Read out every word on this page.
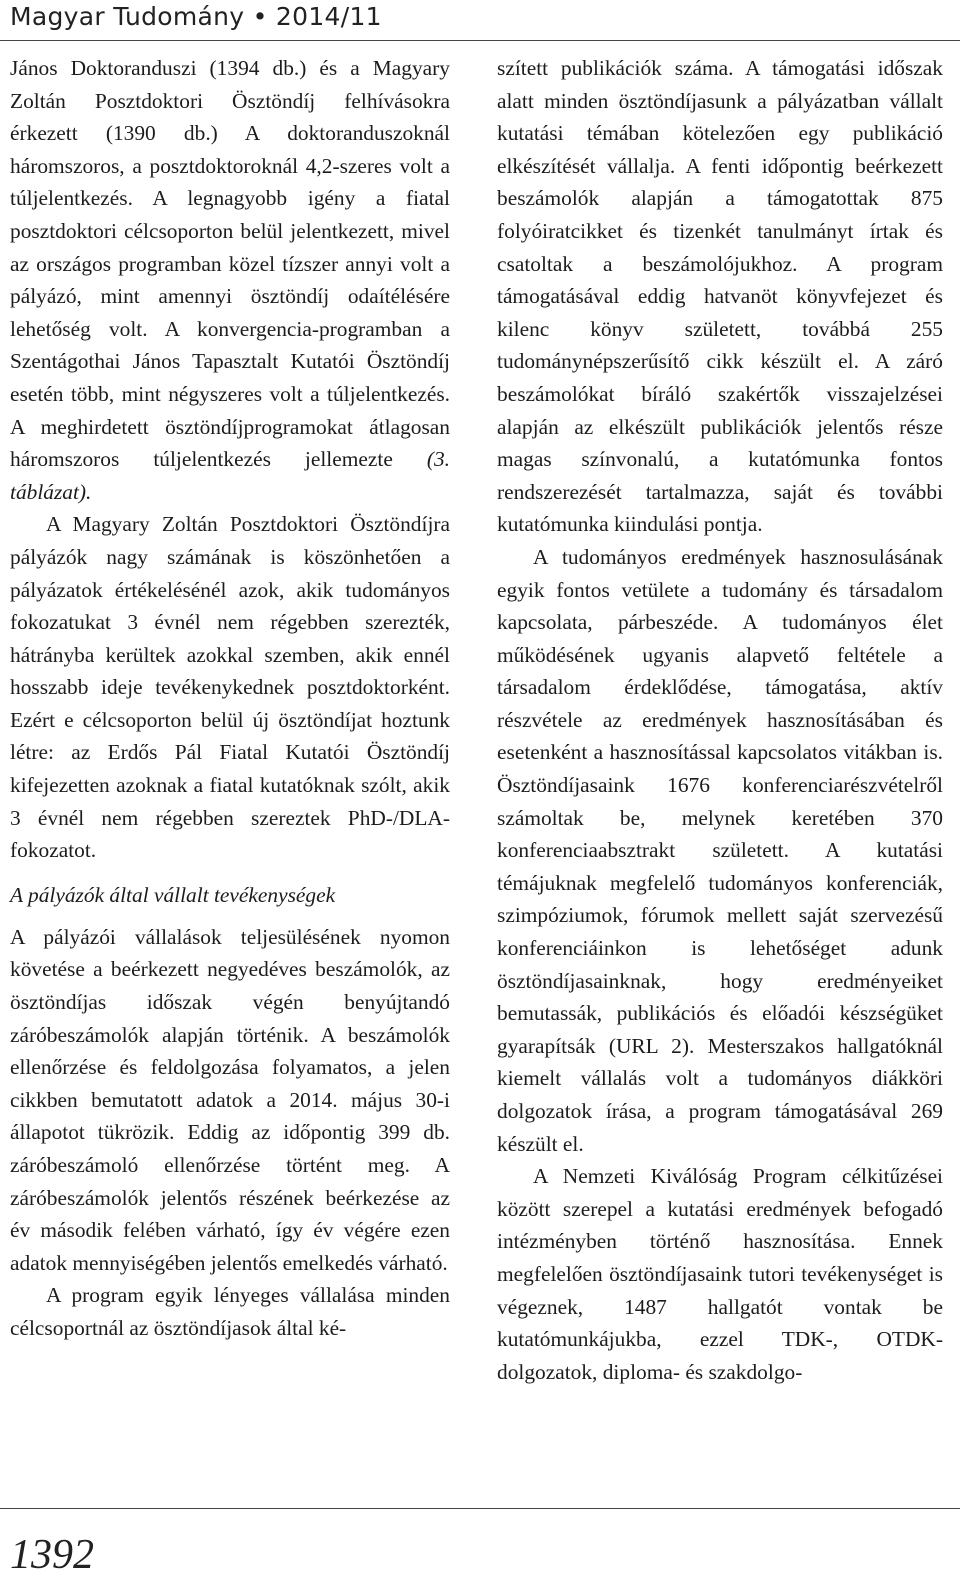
Magyar Tudomány • 2014/11

János Doktoranduszi (1394 db.) és a Magyary Zoltán Posztdoktori Ösztöndíj felhívásokra érkezett (1390 db.) A doktoranduszoknál háromszoros, a posztdoktoroknál 4,2-szeres volt a túljelentkezés. A legnagyobb igény a fiatal posztdoktori célcsoporton belül jelentkezett, mivel az országos programban közel tízszer annyi volt a pályázó, mint amennyi ösztöndíj odaítélésére lehetőség volt. A konvergencia-programban a Szentágothai János Tapasztalt Kutatói Ösztöndíj esetén több, mint négyszeres volt a túljelentkezés. A meghirdetett ösztöndíjprogramokat átlagosan háromszoros túljelentkezés jellemezte (3. táblázat).

A Magyary Zoltán Posztdoktori Ösztöndíjra pályázók nagy számának is köszönhetően a pályázatok értékelésénél azok, akik tudományos fokozatukat 3 évnél nem régebben szerezték, hátrányba kerültek azokkal szemben, akik ennél hosszabb ideje tevékenykednek posztdoktorként. Ezért e célcsoporton belül új ösztöndíjat hoztunk létre: az Erdős Pál Fiatal Kutatói Ösztöndíj kifejezetten azoknak a fiatal kutatóknak szólt, akik 3 évnél nem régebben szereztek PhD-/DLA-fokozatot.

A pályázók által vállalt tevékenységek

A pályázói vállalások teljesülésének nyomon követése a beérkezett negyedéves beszámolók, az ösztöndíjas időszak végén benyújtandó záróbeszámolók alapján történik. A beszámolók ellenőrzése és feldolgozása folyamatos, a jelen cikkben bemutatott adatok a 2014. május 30-i állapotot tükrözik. Eddig az időpontig 399 db. záróbeszámoló ellenőrzése történt meg. A záróbeszámolók jelentős részének beérkezése az év második felében várható, így év végére ezen adatok mennyiségében jelentős emelkedés várható.

A program egyik lényeges vállalása minden célcsoportnál az ösztöndíjasok által ké-

szített publikációk száma. A támogatási időszak alatt minden ösztöndíjasunk a pályázatban vállalt kutatási témában kötelezően egy publikáció elkészítését vállalja. A fenti időpontig beérkezett beszámolók alapján a támogatottak 875 folyóiratcikket és tizenkét tanulmányt írtak és csatoltak a beszámolójukhoz. A program támogatásával eddig hatvanöt könyvfejezet és kilenc könyv született, továbbá 255 tudománynépszerűsítő cikk készült el. A záró beszámolókat bíráló szakértők visszajelzései alapján az elkészült publikációk jelentős része magas színvonalú, a kutatómunka fontos rendszerezését tartalmazza, saját és további kutatómunka kiindulási pontja.

A tudományos eredmények hasznosulásának egyik fontos vetülete a tudomány és társadalom kapcsolata, párbeszéde. A tudományos élet működésének ugyanis alapvető feltétele a társadalom érdeklődése, támogatása, aktív részvétele az eredmények hasznosításában és esetenként a hasznosítással kapcsolatos vitákban is. Ösztöndíjasaink 1676 konferenciarészvételről számoltak be, melynek keretében 370 konferenciaabsztrakt született. A kutatási témájuknak megfelelő tudományos konferenciák, szimpóziumok, fórumok mellett saját szervezésű konferenciáinkon is lehetőséget adunk ösztöndíjasainknak, hogy eredményeiket bemutassák, publikációs és előadói készségüket gyarapítsák (URL 2). Mesterszakos hallgatóknál kiemelt vállalás volt a tudományos diákköri dolgozatok írása, a program támogatásával 269 készült el.

A Nemzeti Kiválóság Program célkitűzései között szerepel a kutatási eredmények befogadó intézményben történő hasznosítása. Ennek megfelelően ösztöndíjasaink tutori tevékenységet is végeznek, 1487 hallgatót vontak be kutatómunkájukba, ezzel TDK-, OTDK-dolgozatok, diploma- és szakdolgo-

1392
